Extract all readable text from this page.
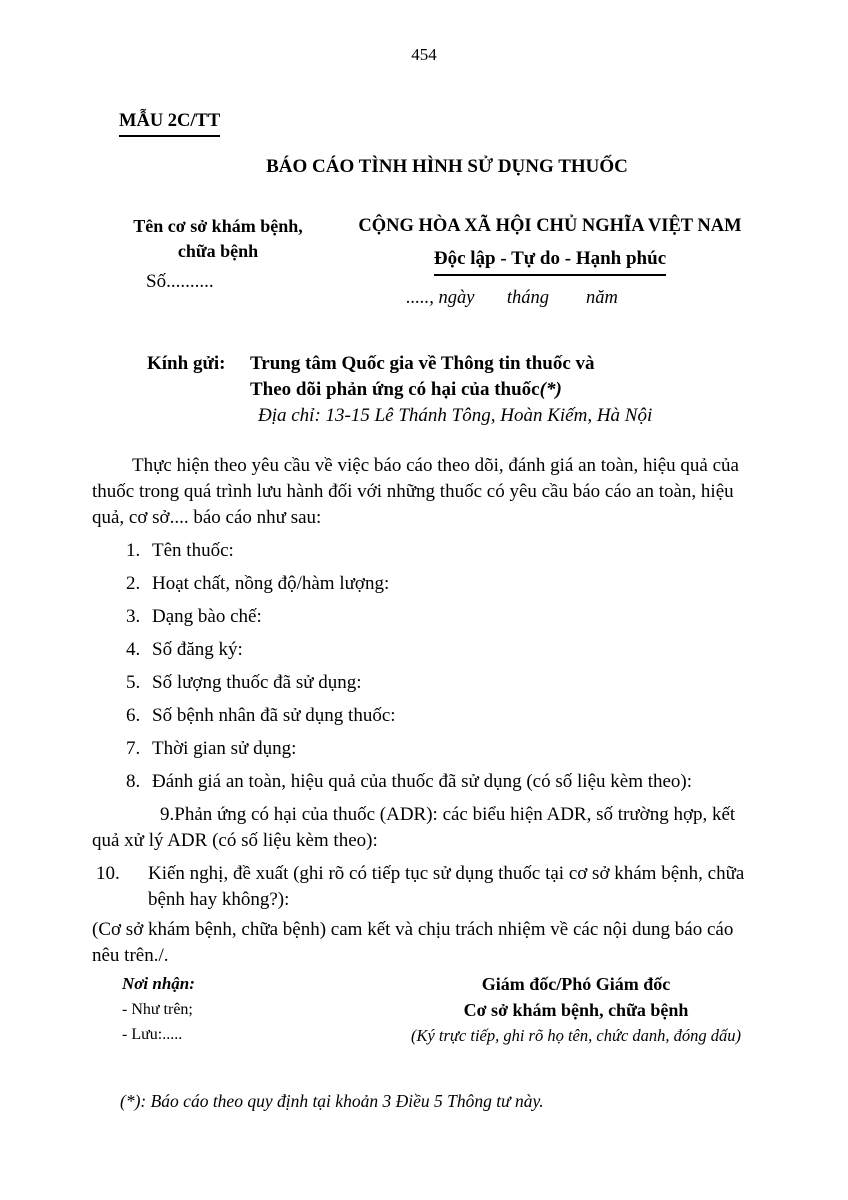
454
MẪU 2C/TT
BÁO CÁO TÌNH HÌNH SỬ DỤNG THUỐC
Tên cơ sở khám bệnh,
chữa bệnh
Số..........
CỘNG HÒA XÃ HỘI CHỦ NGHĨA VIỆT NAM
Độc lập - Tự do - Hạnh phúc
....., ngày       tháng        năm
Kính gửi:	Trung tâm Quốc gia về Thông tin thuốc và
Theo dõi phản ứng có hại của thuốc(*)
Địa chỉ: 13-15 Lê Thánh Tông, Hoàn Kiếm, Hà Nội

Thực hiện theo yêu cầu về việc báo cáo theo dõi, đánh giá an toàn, hiệu quả của thuốc trong quá trình lưu hành đối với những thuốc có yêu cầu báo cáo an toàn, hiệu quả, cơ sở.... báo cáo như sau:

1. Tên thuốc:
2. Hoạt chất, nồng độ/hàm lượng:
3. Dạng bào chế:
4. Số đăng ký:
5. Số lượng thuốc đã sử dụng:
6. Số bệnh nhân đã sử dụng thuốc:
7. Thời gian sử dụng:
8. Đánh giá an toàn, hiệu quả của thuốc đã sử dụng (có số liệu kèm theo):
9.Phản ứng có hại của thuốc (ADR): các biểu hiện ADR, số trường hợp, kết quả xử lý ADR (có số liệu kèm theo):
10. Kiến nghị, đề xuất (ghi rõ có tiếp tục sử dụng thuốc tại cơ sở khám bệnh, chữa bệnh hay không?):

(Cơ sở khám bệnh, chữa bệnh) cam kết và chịu trách nhiệm về các nội dung báo cáo nêu trên./.

Nơi nhận:
- Như trên;
- Lưu:.....
Giám đốc/Phó Giám đốc
Cơ sở khám bệnh, chữa bệnh
(Ký trực tiếp, ghi rõ họ tên, chức danh, đóng dấu)
(*): Báo cáo theo quy định tại khoản 3 Điều 5 Thông tư này.
